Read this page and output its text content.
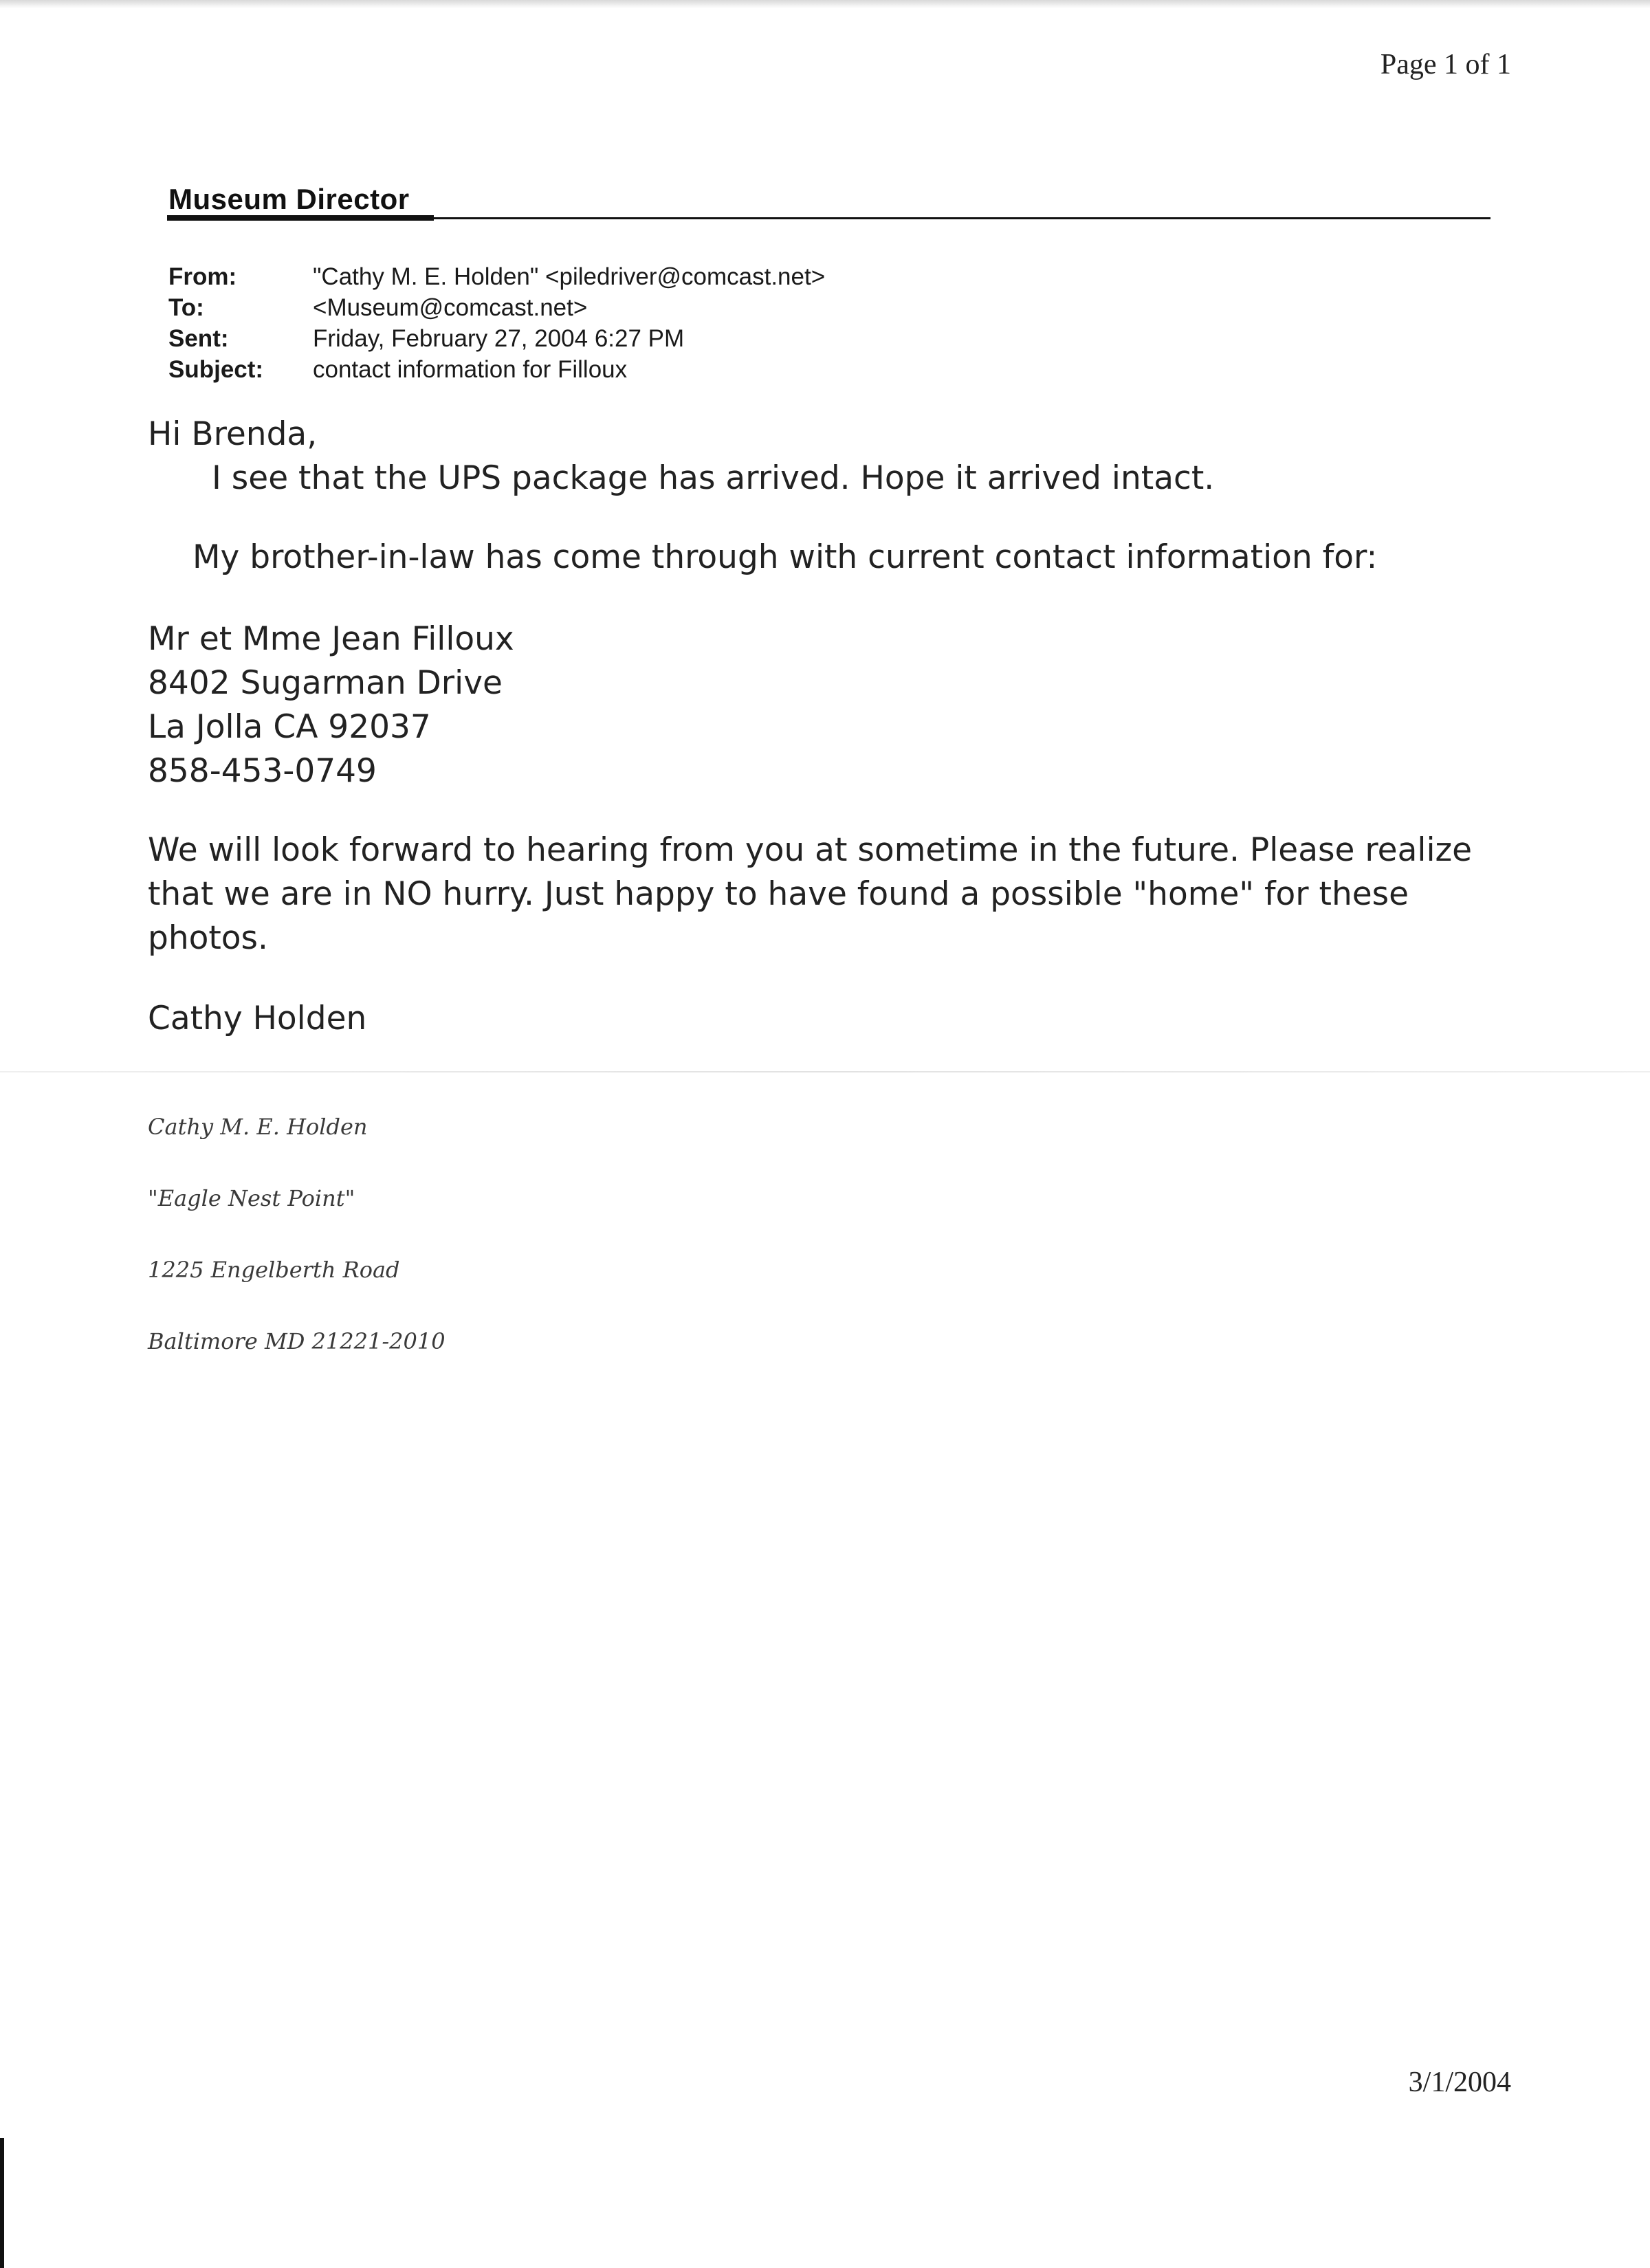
Page 1 of 1
Museum Director
From:	"Cathy M. E. Holden" <piledriver@comcast.net>
To:	<Museum@comcast.net>
Sent:	Friday, February 27, 2004 6:27 PM
Subject:	contact information for Filloux
Hi Brenda,
I see that the UPS package has arrived. Hope it arrived intact.
My brother-in-law has come through with current contact information for:
Mr et Mme Jean Filloux
8402 Sugarman Drive
La Jolla CA 92037
858-453-0749
We will look forward to hearing from you at sometime in the future. Please realize that we are in NO hurry. Just happy to have found a possible "home" for these photos.
Cathy Holden
Cathy M. E. Holden
"Eagle Nest Point"
1225 Engelberth Road
Baltimore MD 21221-2010
3/1/2004
